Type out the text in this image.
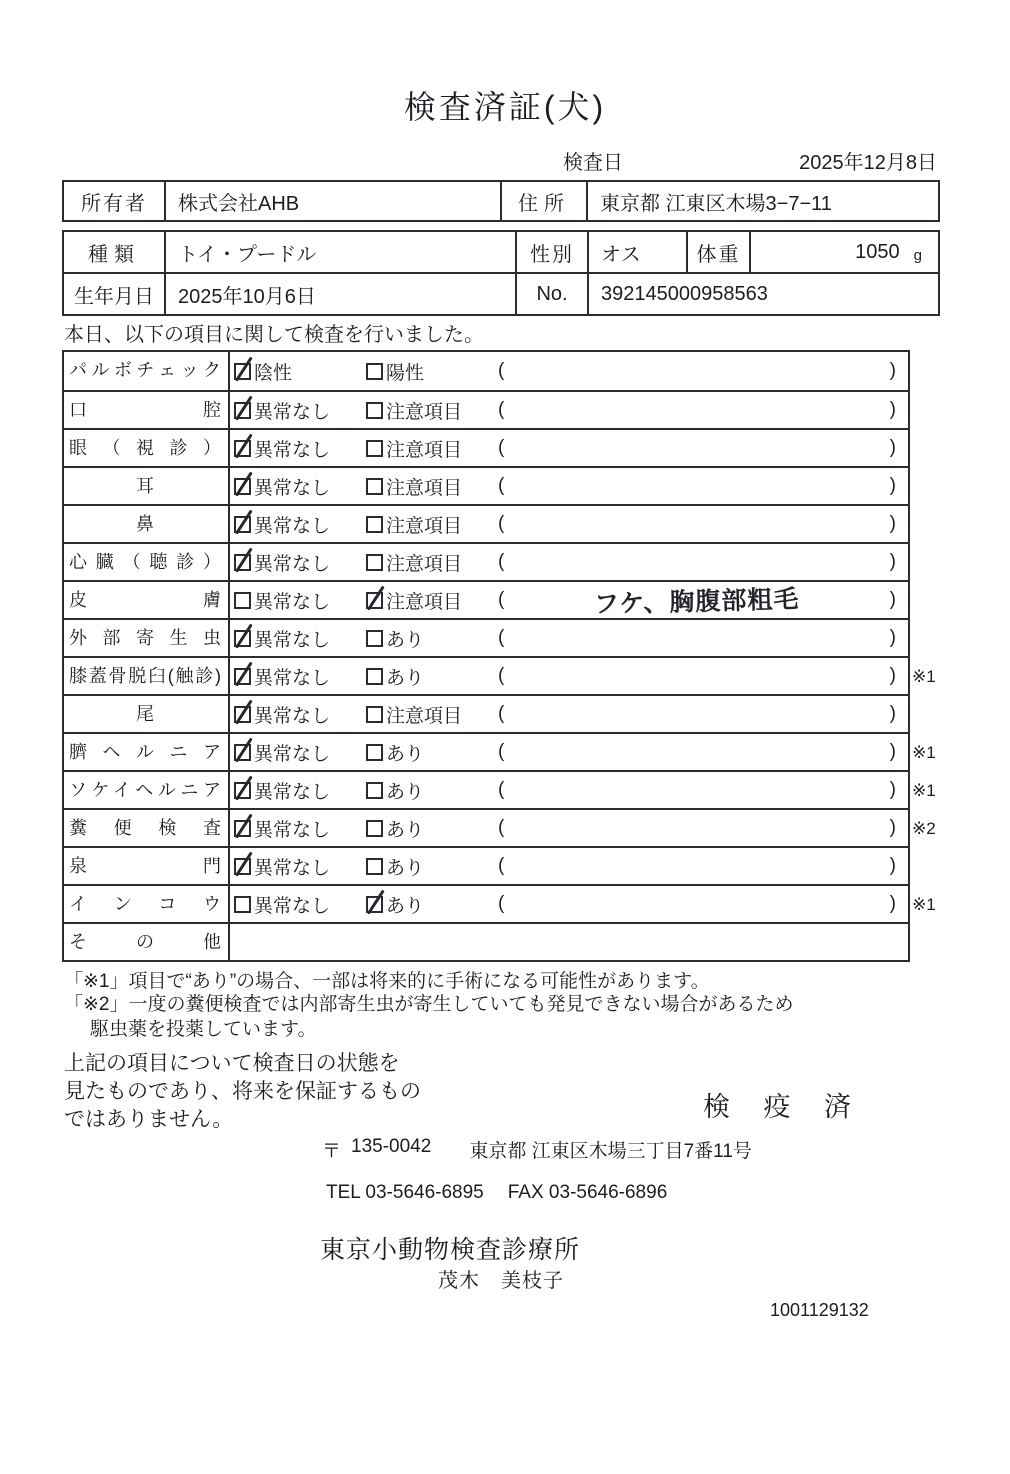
検査済証(犬)
検査日	2025年12月8日
所有者	株式会社AHB	住所	東京都 江東区木場3−7−11
種類	トイ・プードル	性別	オス	体重	1050 g
生年月日	2025年10月6日	No.	392145000958563
本日、以下の項目に関して検査を行いました。
パルボチェック	陰性	陽性	(	)
口腔	異常なし	注意項目 (	)
眼（視診）	異常なし	注意項目 (	)
耳	異常なし	注意項目 (	)
鼻	異常なし	注意項目 (	)
心臓（聴診）	異常なし	注意項目 (	)
皮膚	異常なし	注意項目 (	フケ、胸腹部粗毛	)
外部寄生虫	異常なし	あり	(	)
膝蓋骨脱臼(触診)	異常なし	あり	(	) ※1
尾	異常なし	注意項目 (	)
臍ヘルニア	異常なし	あり	(	) ※1
ソケイヘルニア	異常なし	あり	(	) ※1
糞便検査	異常なし	あり	(	) ※2
泉門	異常なし	あり	(	)
インコウ	異常なし	あり	(	) ※1
その他
「※1」項目で“あり”の場合、一部は将来的に手術になる可能性があります。
「※2」一度の糞便検査では内部寄生虫が寄生していても発見できない場合があるため
駆虫薬を投薬しています。
上記の項目について検査日の状態を
見たものであり、将来を保証するもの
ではありません。	検 疫 済
〒 135-0042 東京都 江東区木場三丁目7番11号
TEL 03-5646-6895 FAX 03-5646-6896
東京小動物検査診療所
茂木　美枝子
1001129132
